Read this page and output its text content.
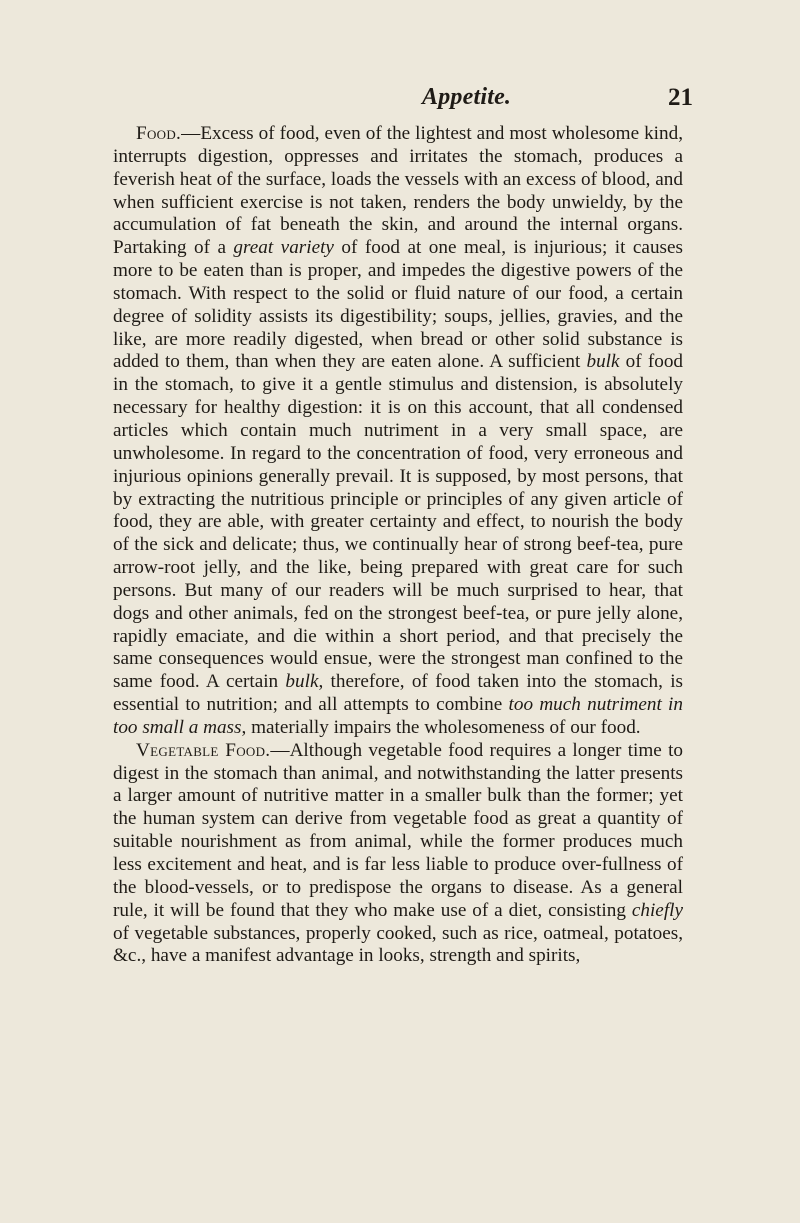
Appetite.	21

Food.—Excess of food, even of the lightest and most wholesome kind, interrupts digestion, oppresses and irritates the stomach, produces a feverish heat of the surface, loads the vessels with an excess of blood, and when sufficient exercise is not taken, renders the body unwieldy, by the accumulation of fat beneath the skin, and around the internal organs. Partaking of a great variety of food at one meal, is injurious; it causes more to be eaten than is proper, and impedes the digestive powers of the stomach. With respect to the solid or fluid nature of our food, a certain degree of solidity assists its digestibility; soups, jellies, gravies, and the like, are more readily digested, when bread or other solid substance is added to them, than when they are eaten alone. A sufficient bulk of food in the stomach, to give it a gentle stimulus and distension, is absolutely necessary for healthy digestion: it is on this account, that all condensed articles which contain much nutriment in a very small space, are unwholesome. In regard to the concentration of food, very erroneous and injurious opinions generally prevail. It is supposed, by most persons, that by extracting the nutritious principle or principles of any given article of food, they are able, with greater certainty and effect, to nourish the body of the sick and delicate; thus, we continually hear of strong beef-tea, pure arrow-root jelly, and the like, being prepared with great care for such persons. But many of our readers will be much surprised to hear, that dogs and other animals, fed on the strongest beef-tea, or pure jelly alone, rapidly emaciate, and die within a short period, and that precisely the same consequences would ensue, were the strongest man confined to the same food. A certain bulk, therefore, of food taken into the stomach, is essential to nutrition; and all attempts to combine too much nutriment in too small a mass, materially impairs the wholesomeness of our food.

Vegetable Food.—Although vegetable food requires a longer time to digest in the stomach than animal, and notwithstanding the latter presents a larger amount of nutritive matter in a smaller bulk than the former; yet the human system can derive from vegetable food as great a quantity of suitable nourishment as from animal, while the former produces much less excitement and heat, and is far less liable to produce over-fullness of the blood-vessels, or to predispose the organs to disease. As a general rule, it will be found that they who make use of a diet, consisting chiefly of vegetable substances, properly cooked, such as rice, oatmeal, potatoes, &c., have a manifest advantage in looks, strength and spirits,
